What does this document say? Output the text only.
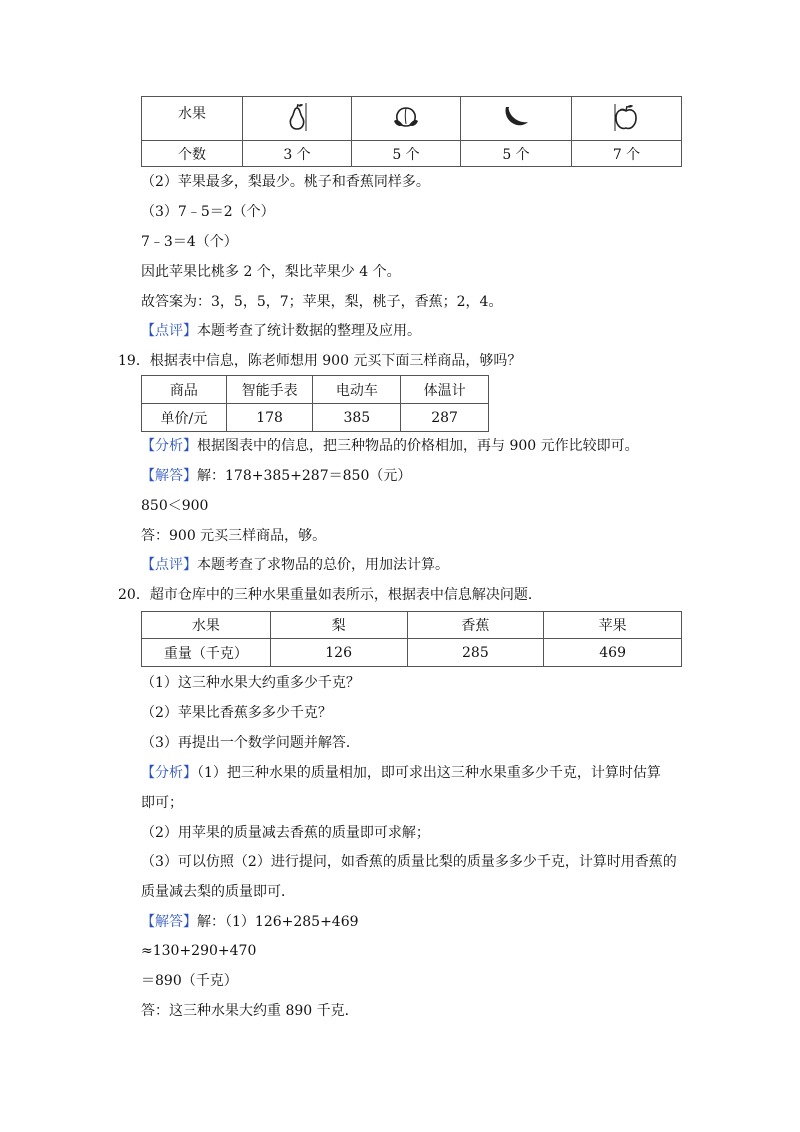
水果				
个数	3 个	5 个	5 个	7 个
（2）苹果最多，梨最少。桃子和香蕉同样多。
（3）7﹣5＝2（个）
7﹣3＝4（个）
因此苹果比桃多 2 个，梨比苹果少 4 个。
故答案为：3，5，5，7；苹果，梨，桃子，香蕉；2，4。
【点评】本题考查了统计数据的整理及应用。
19．根据表中信息，陈老师想用 900 元买下面三样商品，够吗？
商品	智能手表	电动车	体温计
单价/元	178	385	287
【分析】根据图表中的信息，把三种物品的价格相加，再与 900 元作比较即可。
【解答】解：178+385+287＝850（元）
850＜900
答：900 元买三样商品，够。
【点评】本题考查了求物品的总价，用加法计算。
20．超市仓库中的三种水果重量如表所示，根据表中信息解决问题．
水果	梨	香蕉	苹果
重量（千克）	126	285	469
（1）这三种水果大约重多少千克？
（2）苹果比香蕉多多少千克？
（3）再提出一个数学问题并解答．
【分析】（1）把三种水果的质量相加，即可求出这三种水果重多少千克，计算时估算
即可；
（2）用苹果的质量减去香蕉的质量即可求解；
（3）可以仿照（2）进行提问，如香蕉的质量比梨的质量多多少千克，计算时用香蕉的
质量减去梨的质量即可．
【解答】解：（1）126+285+469
≈130+290+470
＝890（千克）
答：这三种水果大约重 890 千克．
